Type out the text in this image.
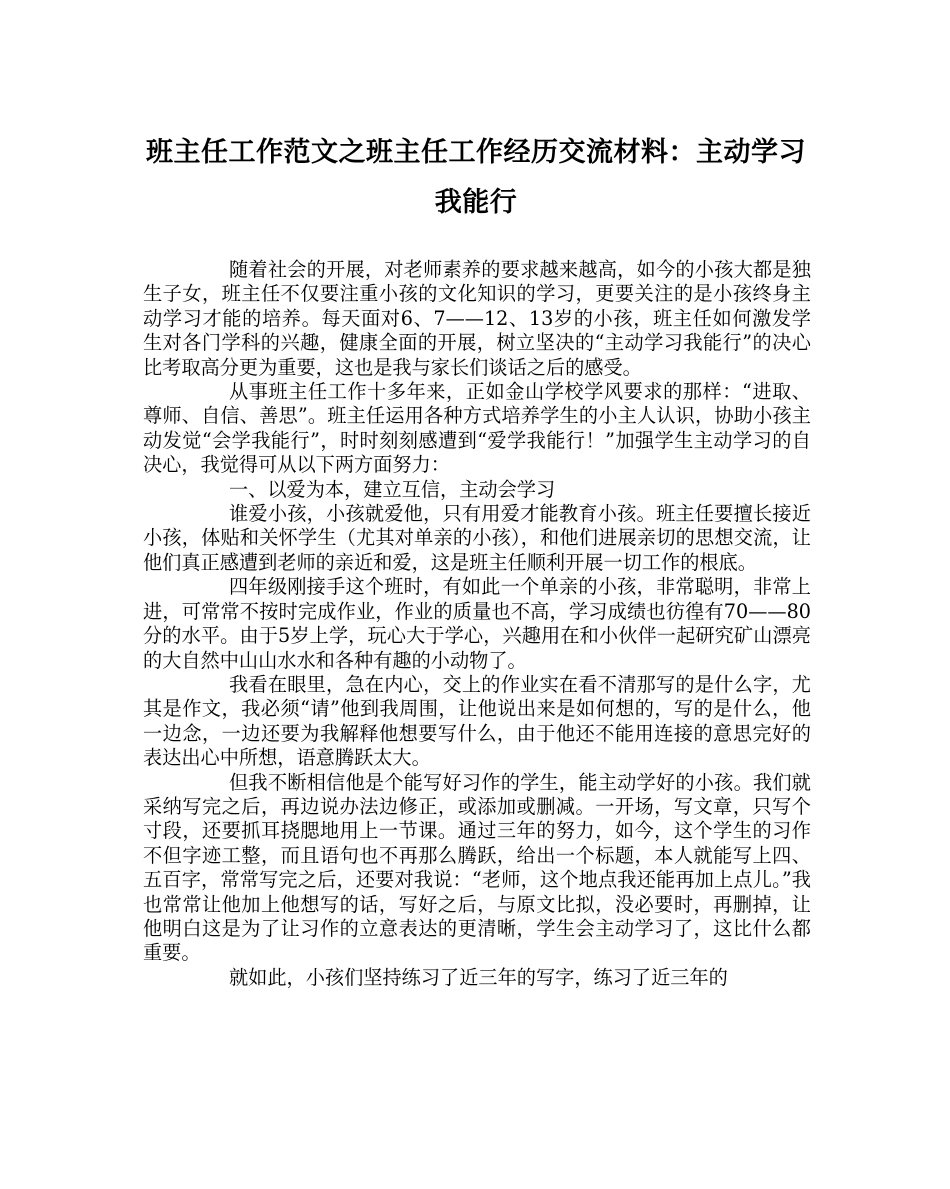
班主任工作范文之班主任工作经历交流材料：主动学习我能行

随着社会的开展，对老师素养的要求越来越高，如今的小孩大都是独生子女，班主任不仅要注重小孩的文化知识的学习，更要关注的是小孩终身主动学习才能的培养。每天面对6、7——12、13岁的小孩，班主任如何激发学生对各门学科的兴趣，健康全面的开展，树立坚决的“主动学习我能行”的决心比考取高分更为重要，这也是我与家长们谈话之后的感受。

从事班主任工作十多年来，正如金山学校学风要求的那样：“进取、尊师、自信、善思”。班主任运用各种方式培养学生的小主人认识，协助小孩主动发觉“会学我能行”，时时刻刻感遭到“爱学我能行！”加强学生主动学习的自决心，我觉得可从以下两方面努力：

一、以爱为本，建立互信，主动会学习

谁爱小孩，小孩就爱他，只有用爱才能教育小孩。班主任要擅长接近小孩，体贴和关怀学生（尤其对单亲的小孩），和他们进展亲切的思想交流，让他们真正感遭到老师的亲近和爱，这是班主任顺利开展一切工作的根底。

四年级刚接手这个班时，有如此一个单亲的小孩，非常聪明，非常上进，可常常不按时完成作业，作业的质量也不高，学习成绩也彷徨有70——80分的水平。由于5岁上学，玩心大于学心，兴趣用在和小伙伴一起研究矿山漂亮的大自然中山山水水和各种有趣的小动物了。

我看在眼里，急在内心，交上的作业实在看不清那写的是什么字，尤其是作文，我必须“请”他到我周围，让他说出来是如何想的，写的是什么，他一边念，一边还要为我解释他想要写什么，由于他还不能用连接的意思完好的表达出心中所想，语意腾跃太大。

但我不断相信他是个能写好习作的学生，能主动学好的小孩。我们就采纳写完之后，再边说办法边修正，或添加或删减。一开场，写文章，只写个寸段，还要抓耳挠腮地用上一节课。通过三年的努力，如今，这个学生的习作不但字迹工整，而且语句也不再那么腾跃，给出一个标题，本人就能写上四、五百字，常常写完之后，还要对我说：“老师，这个地点我还能再加上点儿。”我也常常让他加上他想写的话，写好之后，与原文比拟，没必要时，再删掉，让他明白这是为了让习作的立意表达的更清晰，学生会主动学习了，这比什么都重要。

就如此，小孩们坚持练习了近三年的写字，练习了近三年的
